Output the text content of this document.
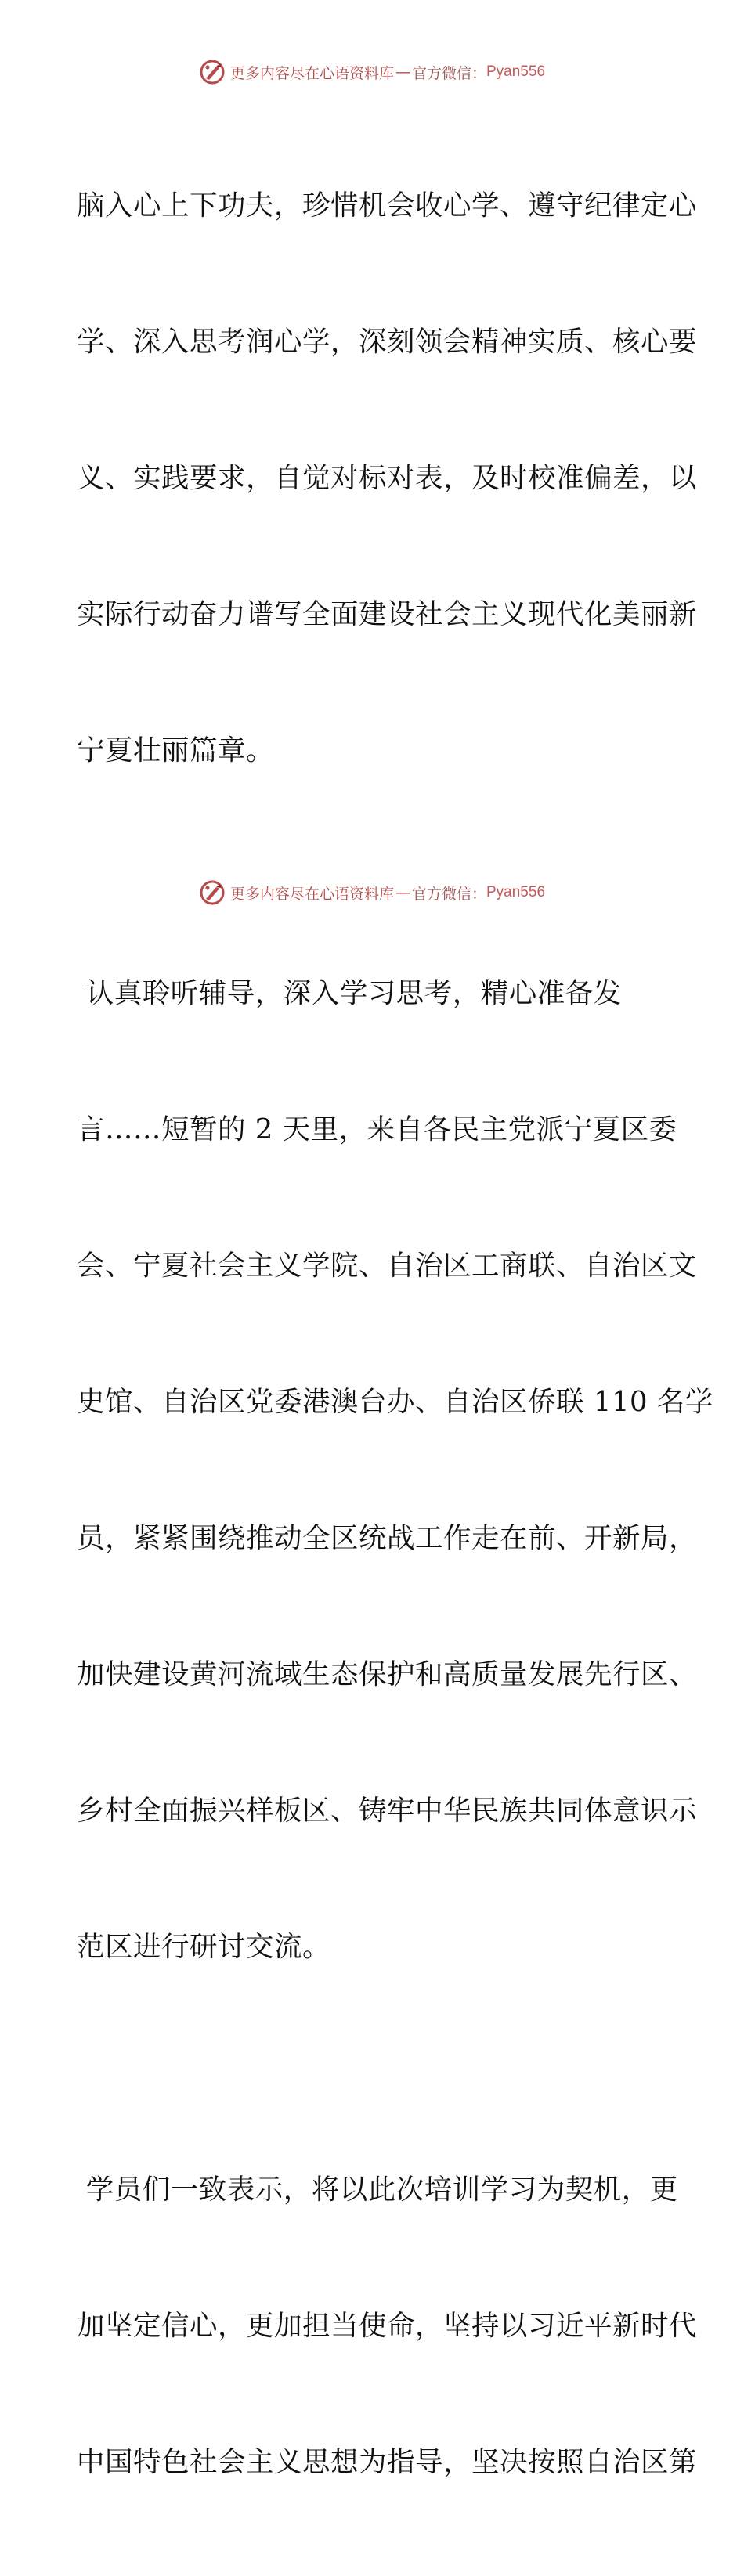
更多内容尽在心语资料库 — 官方微信： Pyan556

脑入心上下功夫，珍惜机会收心学、遵守纪律定心

学、深入思考润心学，深刻领会精神实质、核心要

义、实践要求，自觉对标对表，及时校准偏差，以

实际行动奋力谱写全面建设社会主义现代化美丽新

宁夏壮丽篇章。

认真聆听辅导，深入学习思考，精心准备发

言……短暂的 2 天里，来自各民主党派宁夏区委

会、宁夏社会主义学院、自治区工商联、自治区文

史馆、自治区党委港澳台办、自治区侨联 110 名学

员，紧紧围绕推动全区统战工作走在前、开新局，

加快建设黄河流域生态保护和高质量发展先行区、

乡村全面振兴样板区、铸牢中华民族共同体意识示

范区进行研讨交流。

学员们一致表示，将以此次培训学习为契机，更

加坚定信心，更加担当使命，坚持以习近平新时代

中国特色社会主义思想为指导，坚决按照自治区第

更多内容尽在心语资料库 — 官方微信： Pyan556
